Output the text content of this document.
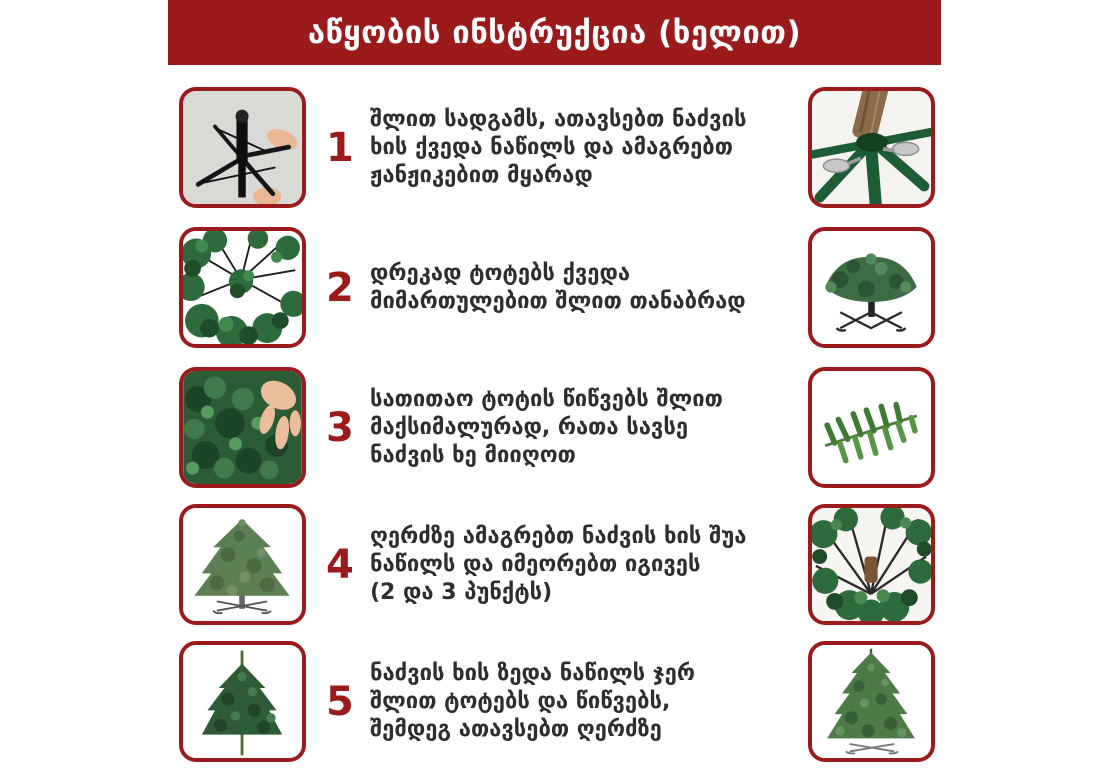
აწყობის ინსტრუქცია (ხელით)
1
შლით სადგამს, ათავსებთ ნაძვის
ხის ქვედა ნაწილს და ამაგრებთ
ჟანჟიკებით მყარად
2 დრეკად ტოტებს ქვედა
მიმართულებით შლით თანაბრად
3
სათითაო ტოტის წიწვებს შლით
მაქსიმალურად, რათა სავსე
ნაძვის ხე მიიღოთ
4
ღერძზე ამაგრებთ ნაძვის ხის შუა
ნაწილს და იმეორებთ იგივეს
(2 და 3 პუნქტს)
5
ნაძვის ხის ზედა ნაწილს ჯერ
შლით ტოტებს და წიწვებს,
შემდეგ ათავსებთ ღერძზე
